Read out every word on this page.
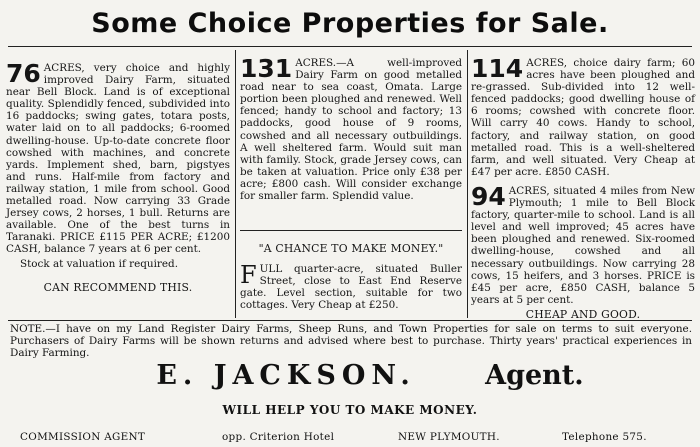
Some Choice Properties for Sale.

76 ACRES, very choice and highly improved Dairy Farm, situated near Bell Block. Land is of exceptional quality. Splendidly fenced, subdivided into 16 paddocks; swing gates, totara posts, water laid on to all paddocks; 6-roomed dwelling-house. Up-to-date concrete floor cowshed with machines, and concrete yards. Implement shed, barn, pigstyes and runs. Half-mile from factory and railway station, 1 mile from school. Good metalled road. Now carrying 33 Grade Jersey cows, 2 horses, 1 bull. Returns are available. One of the best turns in Taranaki. PRICE £115 PER ACRE; £1200 CASH, balance 7 years at 6 per cent.

Stock at valuation if required.

CAN RECOMMEND THIS.

131 ACRES.—A well-improved Dairy Farm on good metalled road near to sea coast, Omata. Large portion been ploughed and renewed. Well fenced; handy to school and factory; 13 paddocks, good house of 9 rooms, cowshed and all necessary outbuildings. A well sheltered farm. Would suit man with family. Stock, grade Jersey cows, can be taken at valuation. Price only £38 per acre; £800 cash. Will consider exchange for smaller farm. Splendid value.

"A CHANCE TO MAKE MONEY."

F ULL quarter-acre, situated Buller Street, close to East End Reserve gate. Level section, suitable for two cottages. Very Cheap at £250.

114 ACRES, choice dairy farm; 60 acres have been ploughed and re-grassed. Sub-divided into 12 well-fenced paddocks; good dwelling house of 6 rooms; cowshed with concrete floor. Will carry 40 cows. Handy to school, factory, and railway station, on good metalled road. This is a well-sheltered farm, and well situated. Very Cheap at £47 per acre. £850 CASH.

94 ACRES, situated 4 miles from New Plymouth; 1 mile to Bell Block factory, quarter-mile to school. Land is all level and well improved; 45 acres have been ploughed and renewed. Six-roomed dwelling-house, cowshed and all necessary outbuildings. Now carrying 28 cows, 15 heifers, and 3 horses. PRICE is £45 per acre, £850 CASH, balance 5 years at 5 per cent.

CHEAP AND GOOD.

NOTE.—I have on my Land Register Dairy Farms, Sheep Runs, and Town Properties for sale on terms to suit everyone. Purchasers of Dairy Farms will be shown returns and advised where best to purchase. Thirty years' practical experiences in Dairy Farming.
E. JACKSON.	Agent.
WILL HELP YOU TO MAKE MONEY.
COMMISSION AGENT	opp. Criterion Hotel	NEW PLYMOUTH.	Telephone 575.
